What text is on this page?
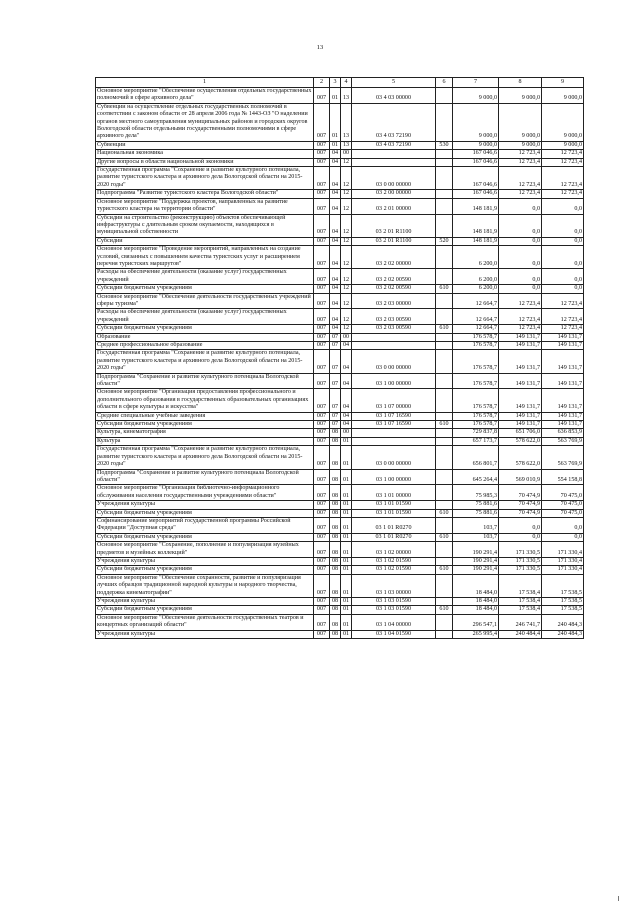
13
1	2	3	4	5	6	7	8	9
Основное мероприятие "Обеспечение осуществления отдельных государственных полномочий в сфере архивного дела"	007	01	13	03 4 03 00000		9 000,0	9 000,0	9 000,0
Субвенции на осуществление отдельных государственных полномочий в соответствии с законом области от 28 апреля 2006 года № 1443-ОЗ "О наделении органов местного самоуправления муниципальных районов и городских округов Вологодской области отдельными государственными полномочиями в сфере архивного дела"	007	01	13	03 4 03 72190		9 000,0	9 000,0	9 000,0
Субвенции	007	01	13	03 4 03 72190	530	9 000,0	9 000,0	9 000,0
Национальная экономика	007	04	00			167 046,6	12 723,4	12 723,4
Другие вопросы в области национальной экономики	007	04	12			167 046,6	12 723,4	12 723,4
Государственная программа "Сохранение и развитие культурного потенциала, развитие туристского кластера и архивного дела Вологодской области на 2015-2020 годы"	007	04	12	03 0 00 00000		167 046,6	12 723,4	12 723,4
Подпрограмма "Развитие туристского кластера Вологодской области"	007	04	12	03 2 00 00000		167 046,6	12 723,4	12 723,4
Основное мероприятие "Поддержка проектов, направленных на развитие туристского кластера на территории области"	007	04	12	03 2 01 00000		148 181,9	0,0	0,0
Субсидии на строительство (реконструкцию) объектов обеспечивающей инфраструктуры с длительным сроком окупаемости, находящихся в муниципальной собственности	007	04	12	03 2 01 R1100		148 181,9	0,0	0,0
Субсидии	007	04	12	03 2 01 R1100	520	148 181,9	0,0	0,0
Основное мероприятие "Проведение мероприятий, направленных на создание условий, связанных с повышением качества туристских услуг и расширением перечня туристских маршрутов"	007	04	12	03 2 02 00000		6 200,0	0,0	0,0
Расходы на обеспечение деятельности (оказание услуг) государственных учреждений	007	04	12	03 2 02 00590		6 200,0	0,0	0,0
Субсидии бюджетным учреждениям	007	04	12	03 2 02 00590	610	6 200,0	0,0	0,0
Основное мероприятие "Обеспечение деятельности государственных учреждений сферы туризма"	007	04	12	03 2 03 00000		12 664,7	12 723,4	12 723,4
Расходы на обеспечение деятельности (оказание услуг) государственных учреждений	007	04	12	03 2 03 00590		12 664,7	12 723,4	12 723,4
Субсидии бюджетным учреждениям	007	04	12	03 2 03 00590	610	12 664,7	12 723,4	12 723,4
Образование	007	07	00			176 578,7	149 131,7	149 131,7
Среднее профессиональное образование	007	07	04			176 578,7	149 131,7	149 131,7
Государственная программа "Сохранение и развитие культурного потенциала, развитие туристского кластера и архивного дела Вологодской области на 2015-2020 годы"	007	07	04	03 0 00 00000		176 578,7	149 131,7	149 131,7
Подпрограмма "Сохранение и развитие культурного потенциала Вологодской области"	007	07	04	03 1 00 00000		176 578,7	149 131,7	149 131,7
Основное мероприятие "Организация предоставления профессионального и дополнительного образования в государственных образовательных организациях области в сфере культуры и искусства"	007	07	04	03 1 07 00000		176 578,7	149 131,7	149 131,7
Средние специальные учебные заведения	007	07	04	03 1 07 16590		176 578,7	149 131,7	149 131,7
Субсидии бюджетным учреждениям	007	07	04	03 1 07 16590	610	176 578,7	149 131,7	149 131,7
Культура, кинематография	007	08	00			729 837,8	651 706,0	636 853,9
Культура	007	08	01			657 173,7	578 622,0	563 769,9
Государственная программа "Сохранение и развитие культурного потенциала, развитие туристского кластера и архивного дела Вологодской области на 2015-2020 годы"	007	08	01	03 0 00 00000		656 801,7	578 622,0	563 769,9
Подпрограмма "Сохранение и развитие культурного потенциала Вологодской области"	007	08	01	03 1 00 00000		645 264,4	569 010,9	554 158,8
Основное мероприятие "Организация библиотечно-информационного обслуживания населения государственными учреждениями области"	007	08	01	03 1 01 00000		75 985,3	70 474,9	70 475,0
Учреждения культуры	007	08	01	03 1 01 01590		75 881,6	70 474,9	70 475,0
Субсидии бюджетным учреждениям	007	08	01	03 1 01 01590	610	75 881,6	70 474,9	70 475,0
Софинансирование мероприятий государственной программы Российской Федерации "Доступная среда"	007	08	01	03 1 01 R0270		103,7	0,0	0,0
Субсидии бюджетным учреждениям	007	08	01	03 1 01 R0270	610	103,7	0,0	0,0
Основное мероприятие "Сохранение, пополнение и популяризация музейных предметов и музейных коллекций"	007	08	01	03 1 02 00000		190 291,4	171 330,5	171 330,4
Учреждения культуры	007	08	01	03 1 02 01590		190 291,4	171 330,5	171 330,4
Субсидии бюджетным учреждениям	007	08	01	03 1 02 01590	610	190 291,4	171 330,5	171 330,4
Основное мероприятие "Обеспечение сохранности, развитие и популяризация лучших образцов традиционной народной культуры и народного творчества, поддержка кинематографии"	007	08	01	03 1 03 00000		18 484,0	17 538,4	17 538,5
Учреждения культуры	007	08	01	03 1 03 01590		18 484,0	17 538,4	17 538,5
Субсидии бюджетным учреждениям	007	08	01	03 1 03 01590	610	18 484,0	17 538,4	17 538,5
Основное мероприятие "Обеспечение деятельности государственных театров и концертных организаций области"	007	08	01	03 1 04 00000		296 547,1	246 741,7	240 484,3
Учреждения культуры	007	08	01	03 1 04 01590		265 995,4	240 484,4	240 484,3
